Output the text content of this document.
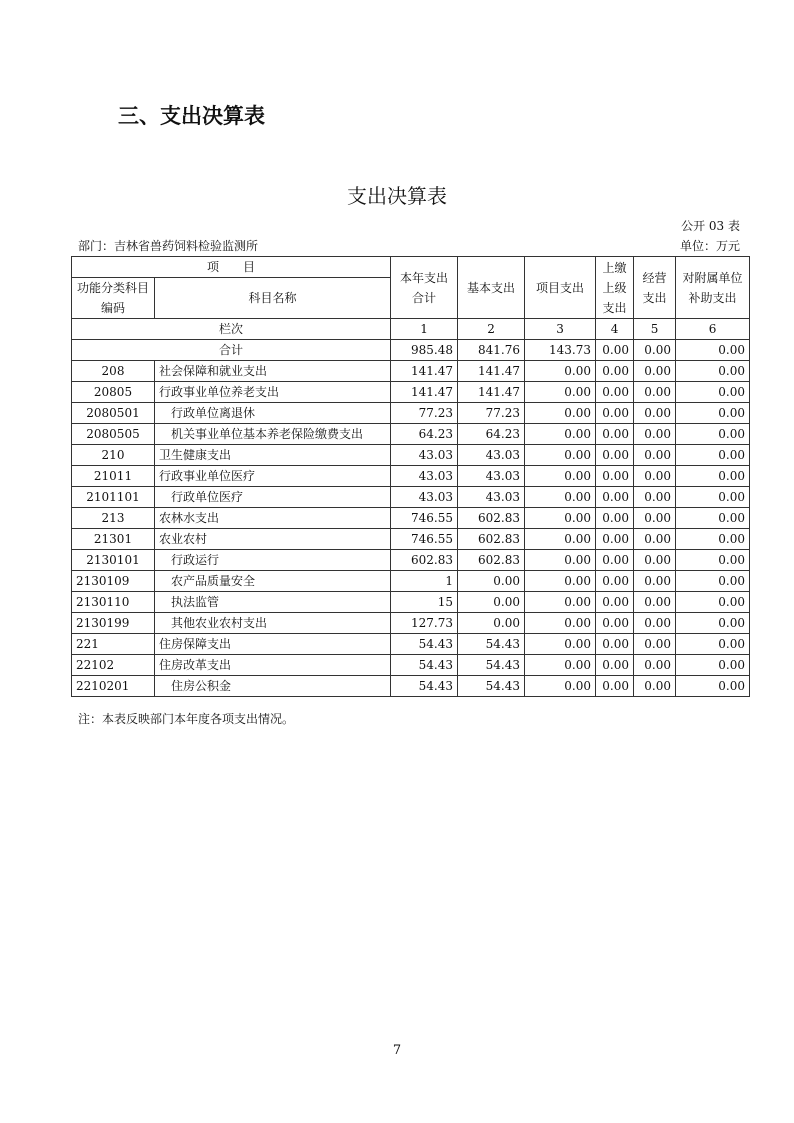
三、支出决算表
支出决算表
公开 03 表
部门：吉林省兽药饲料检验监测所	单位：万元
项　　目		本年支出合计	基本支出	项目支出	上缴上级支出	经营支出	对附属单位补助支出
功能分类科目编码	科目名称						
栏次		1	2	3	4	5	6
合计		985.48	841.76	143.73	0.00	0.00	0.00
208	社会保障和就业支出	141.47	141.47	0.00	0.00	0.00	0.00
20805	行政事业单位养老支出	141.47	141.47	0.00	0.00	0.00	0.00
2080501	行政单位离退休	77.23	77.23	0.00	0.00	0.00	0.00
2080505	机关事业单位基本养老保险缴费支出	64.23	64.23	0.00	0.00	0.00	0.00
210	卫生健康支出	43.03	43.03	0.00	0.00	0.00	0.00
21011	行政事业单位医疗	43.03	43.03	0.00	0.00	0.00	0.00
2101101	行政单位医疗	43.03	43.03	0.00	0.00	0.00	0.00
213	农林水支出	746.55	602.83	0.00	0.00	0.00	0.00
21301	农业农村	746.55	602.83	0.00	0.00	0.00	0.00
2130101	行政运行	602.83	602.83	0.00	0.00	0.00	0.00
2130109	农产品质量安全	1	0.00	0.00	0.00	0.00	0.00
2130110	执法监管	15	0.00	0.00	0.00	0.00	0.00
2130199	其他农业农村支出	127.73	0.00	0.00	0.00	0.00	0.00
221	住房保障支出	54.43	54.43	0.00	0.00	0.00	0.00
22102	住房改革支出	54.43	54.43	0.00	0.00	0.00	0.00
2210201	住房公积金	54.43	54.43	0.00	0.00	0.00	0.00
注：本表反映部门本年度各项支出情况。
7
